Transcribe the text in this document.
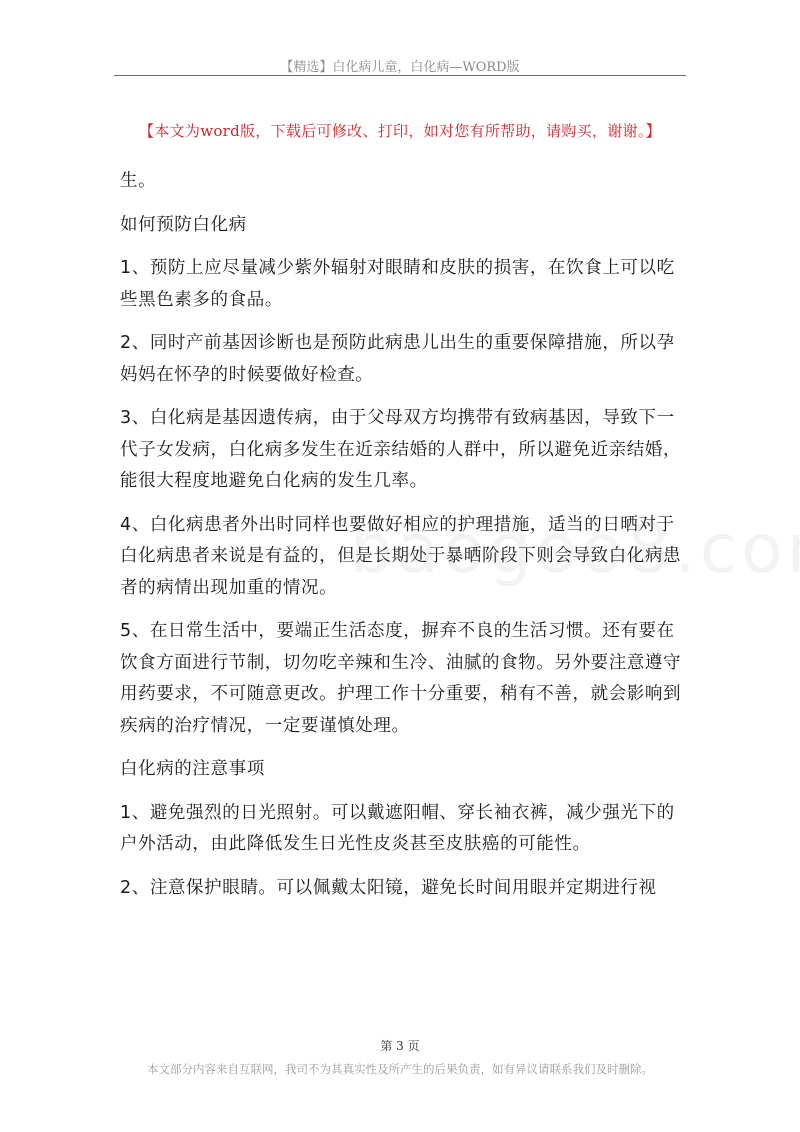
【精选】白化病儿童，白化病—WORD版
【本文为word版，下载后可修改、打印，如对您有所帮助，请购买，谢谢。】

生。

如何预防白化病

1、预防上应尽量减少紫外辐射对眼睛和皮肤的损害，在饮食上可以吃些黑色素多的食品。

2、同时产前基因诊断也是预防此病患儿出生的重要保障措施，所以孕妈妈在怀孕的时候要做好检查。

3、白化病是基因遗传病，由于父母双方均携带有致病基因，导致下一代子女发病，白化病多发生在近亲结婚的人群中，所以避免近亲结婚，能很大程度地避免白化病的发生几率。

4、白化病患者外出时同样也要做好相应的护理措施，适当的日晒对于白化病患者来说是有益的，但是长期处于暴晒阶段下则会导致白化病患者的病情出现加重的情况。

5、在日常生活中，要端正生活态度，摒弃不良的生活习惯。还有要在饮食方面进行节制，切勿吃辛辣和生冷、油腻的食物。另外要注意遵守用药要求，不可随意更改。护理工作十分重要，稍有不善，就会影响到疾病的治疗情况，一定要谨慎处理。

白化病的注意事项

1、避免强烈的日光照射。可以戴遮阳帽、穿长袖衣裤，减少强光下的户外活动，由此降低发生日光性皮炎甚至皮肤癌的可能性。

2、注意保护眼睛。可以佩戴太阳镜，避免长时间用眼并定期进行视

第 3 页
本文部分内容来自互联网，我司不为其真实性及所产生的后果负责，如有异议请联系我们及时删除。
